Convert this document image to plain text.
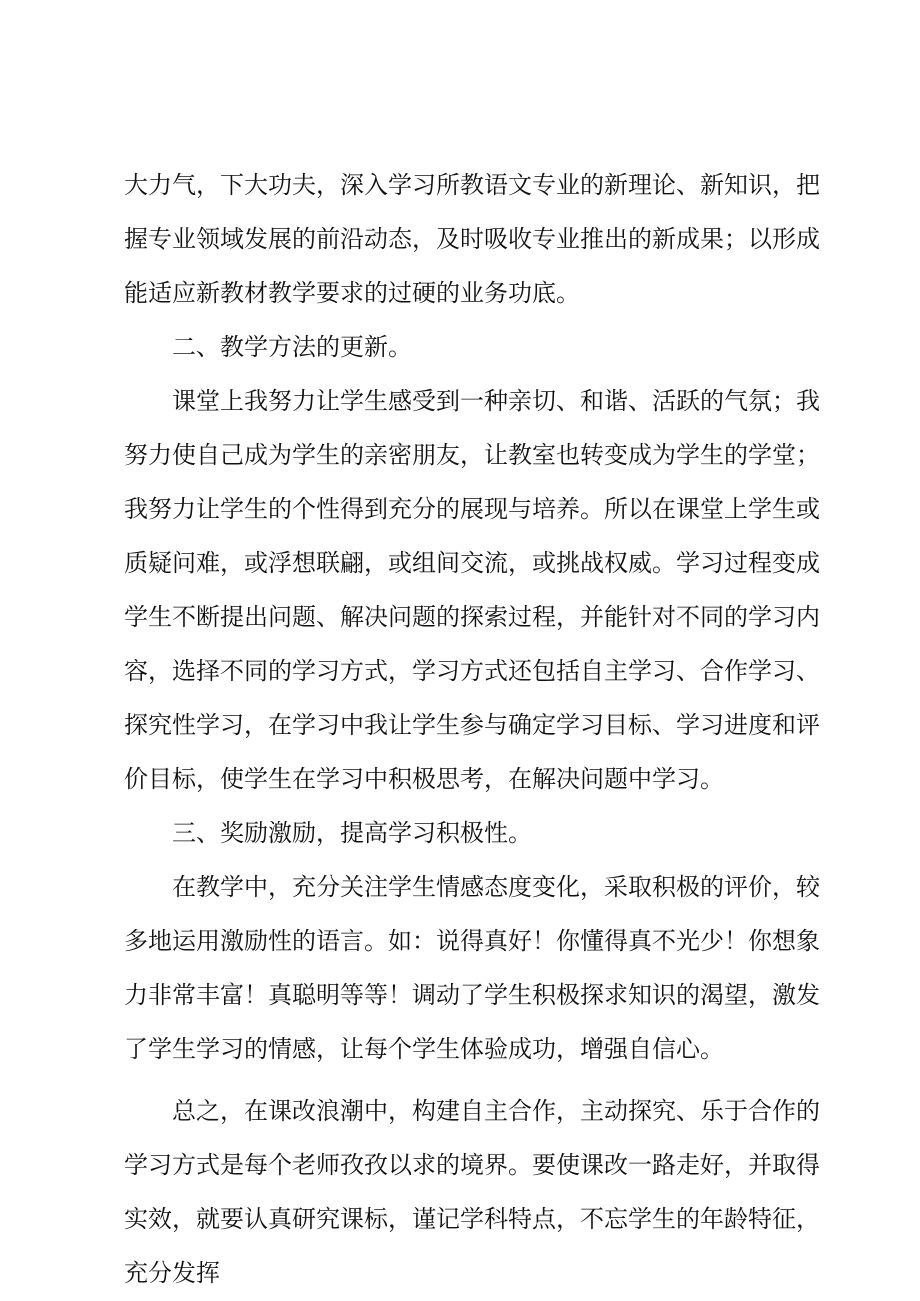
大力气，下大功夫，深入学习所教语文专业的新理论、新知识，把握专业领域发展的前沿动态，及时吸收专业推出的新成果；以形成能适应新教材教学要求的过硬的业务功底。

二、教学方法的更新。

课堂上我努力让学生感受到一种亲切、和谐、活跃的气氛；我努力使自己成为学生的亲密朋友，让教室也转变成为学生的学堂；我努力让学生的个性得到充分的展现与培养。所以在课堂上学生或质疑问难，或浮想联翩，或组间交流，或挑战权威。学习过程变成学生不断提出问题、解决问题的探索过程，并能针对不同的学习内容，选择不同的学习方式，学习方式还包括自主学习、合作学习、探究性学习，在学习中我让学生参与确定学习目标、学习进度和评价目标，使学生在学习中积极思考，在解决问题中学习。

三、奖励激励，提高学习积极性。

在教学中，充分关注学生情感态度变化，采取积极的评价，较多地运用激励性的语言。如：说得真好！你懂得真不光少！你想象力非常丰富！真聪明等等！调动了学生积极探求知识的渴望，激发了学生学习的情感，让每个学生体验成功，增强自信心。

总之，在课改浪潮中，构建自主合作，主动探究、乐于合作的学习方式是每个老师孜孜以求的境界。要使课改一路走好，并取得实效，就要认真研究课标，谨记学科特点，不忘学生的年龄特征，充分发挥
